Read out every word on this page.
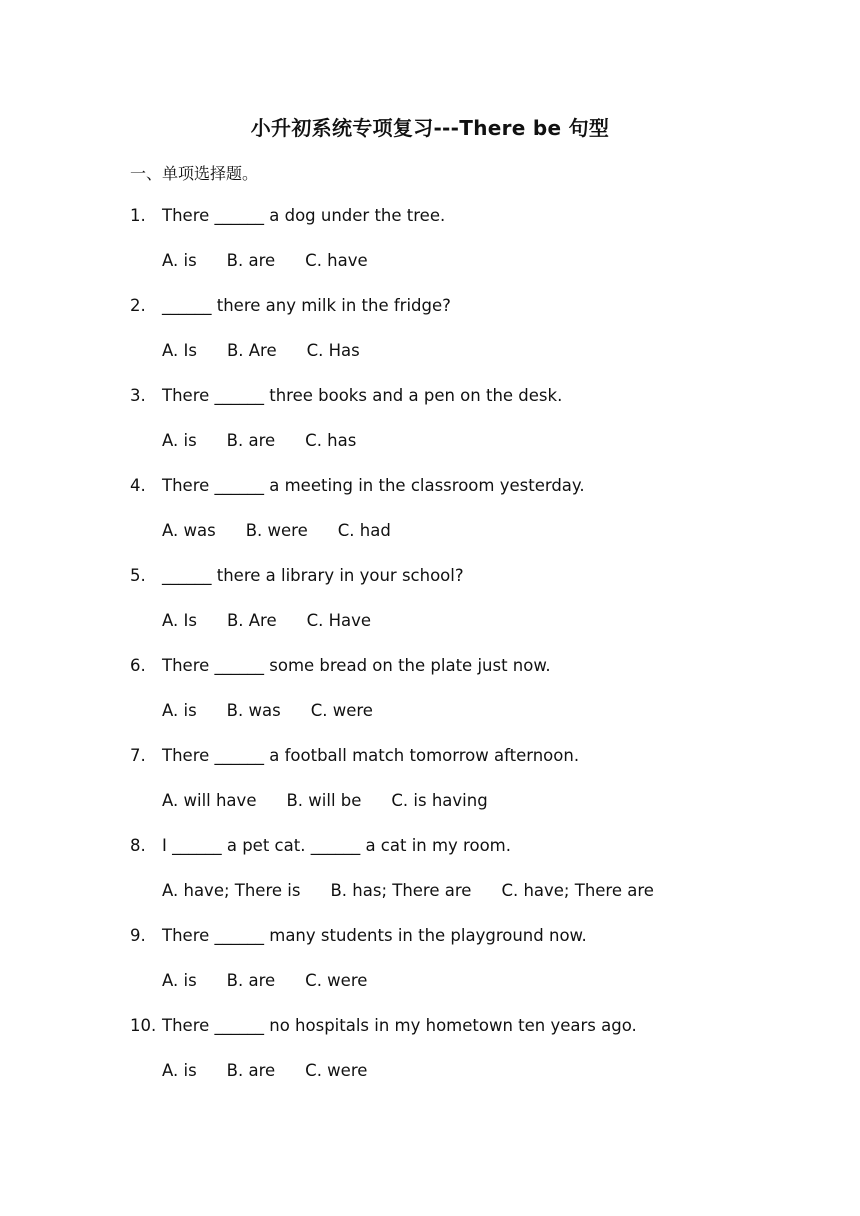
小升初系统专项复习---There be 句型
一、单项选择题。
1. There ______ a dog under the tree.
A. is B. are C. have
2. ______ there any milk in the fridge?
A. Is B. Are C. Has
3. There ______ three books and a pen on the desk.
A. is B. are C. has
4. There ______ a meeting in the classroom yesterday.
A. was B. were C. had
5. ______ there a library in your school?
A. Is B. Are C. Have
6. There ______ some bread on the plate just now.
A. is B. was C. were
7. There ______ a football match tomorrow afternoon.
A. will have B. will be C. is having
8. I ______ a pet cat. ______ a cat in my room.
A. have; There is B. has; There are C. have; There are
9. There ______ many students in the playground now.
A. is B. are C. were
10. There ______ no hospitals in my hometown ten years ago.
A. is B. are C. were
